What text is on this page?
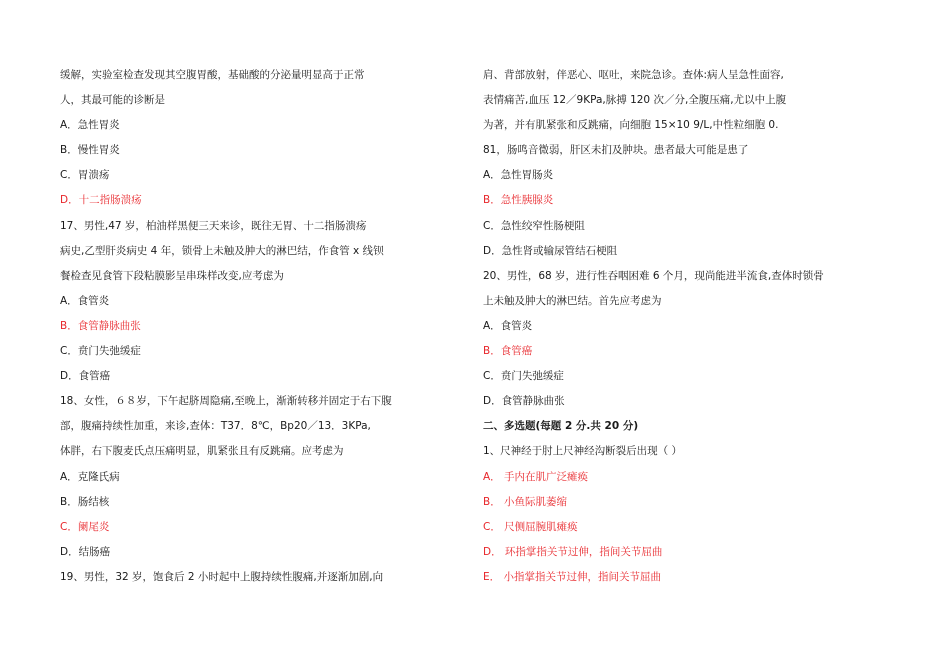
缓解，实验室检查发现其空腹胃酸，基础酸的分泌量明显高于正常
人，其最可能的诊断是
A．急性胃炎
B．慢性胃炎
C．胃溃疡
D．十二指肠溃疡
17、男性,47 岁，柏油样黑便三天来诊，既往无胃、十二指肠溃疡
病史,乙型肝炎病史 4 年，锁骨上未触及肿大的淋巴结，作食管 x 线钡
餐检查见食管下段粘膜影呈串珠样改变,应考虑为
A．食管炎
B．食管静脉曲张
C．贲门失弛缓症
D．食管癌
18、女性，６８岁，下午起脐周隐痛,至晚上，渐渐转移并固定于右下腹
部，腹痛持续性加重，来诊,查体：T37．8℃，Bp20／13．3KPa,
体胖，右下腹麦氏点压痛明显，肌紧张且有反跳痛。应考虑为
A．克隆氏病
B．肠结核
C．阑尾炎
D．结肠癌
19、男性，32 岁，饱食后 2 小时起中上腹持续性腹痛,并逐渐加剧,向
肩、背部放射，伴恶心、呕吐，来院急诊。查体:病人呈急性面容,
表情痛苦,血压 12／9KPa,脉搏 120 次／分,全腹压痛,尤以中上腹
为著，并有肌紧张和反跳痛，向细胞 15×10 9/L,中性粒细胞 0.
81，肠鸣音微弱，肝区未扪及肿块。患者最大可能是患了
A．急性胃肠炎
B．急性胰腺炎
C．急性绞窄性肠梗阻
D．急性肾或输尿管结石梗阻
20、男性，68 岁，进行性吞咽困难 6 个月，现尚能进半流食,查体时锁骨
上未触及肿大的淋巴结。首先应考虑为
A．食管炎
B．食管癌
C．贲门失弛缓症
D．食管静脉曲张
二、多选题(每题 2 分.共 20 分)
1、尺神经于肘上尺神经沟断裂后出现（ ）
A． 手内在肌广泛瘫痪
B． 小鱼际肌萎缩
C． 尺侧屈腕肌瘫痪
D． 环指掌指关节过伸，指间关节屈曲
E． 小指掌指关节过伸，指间关节屈曲
